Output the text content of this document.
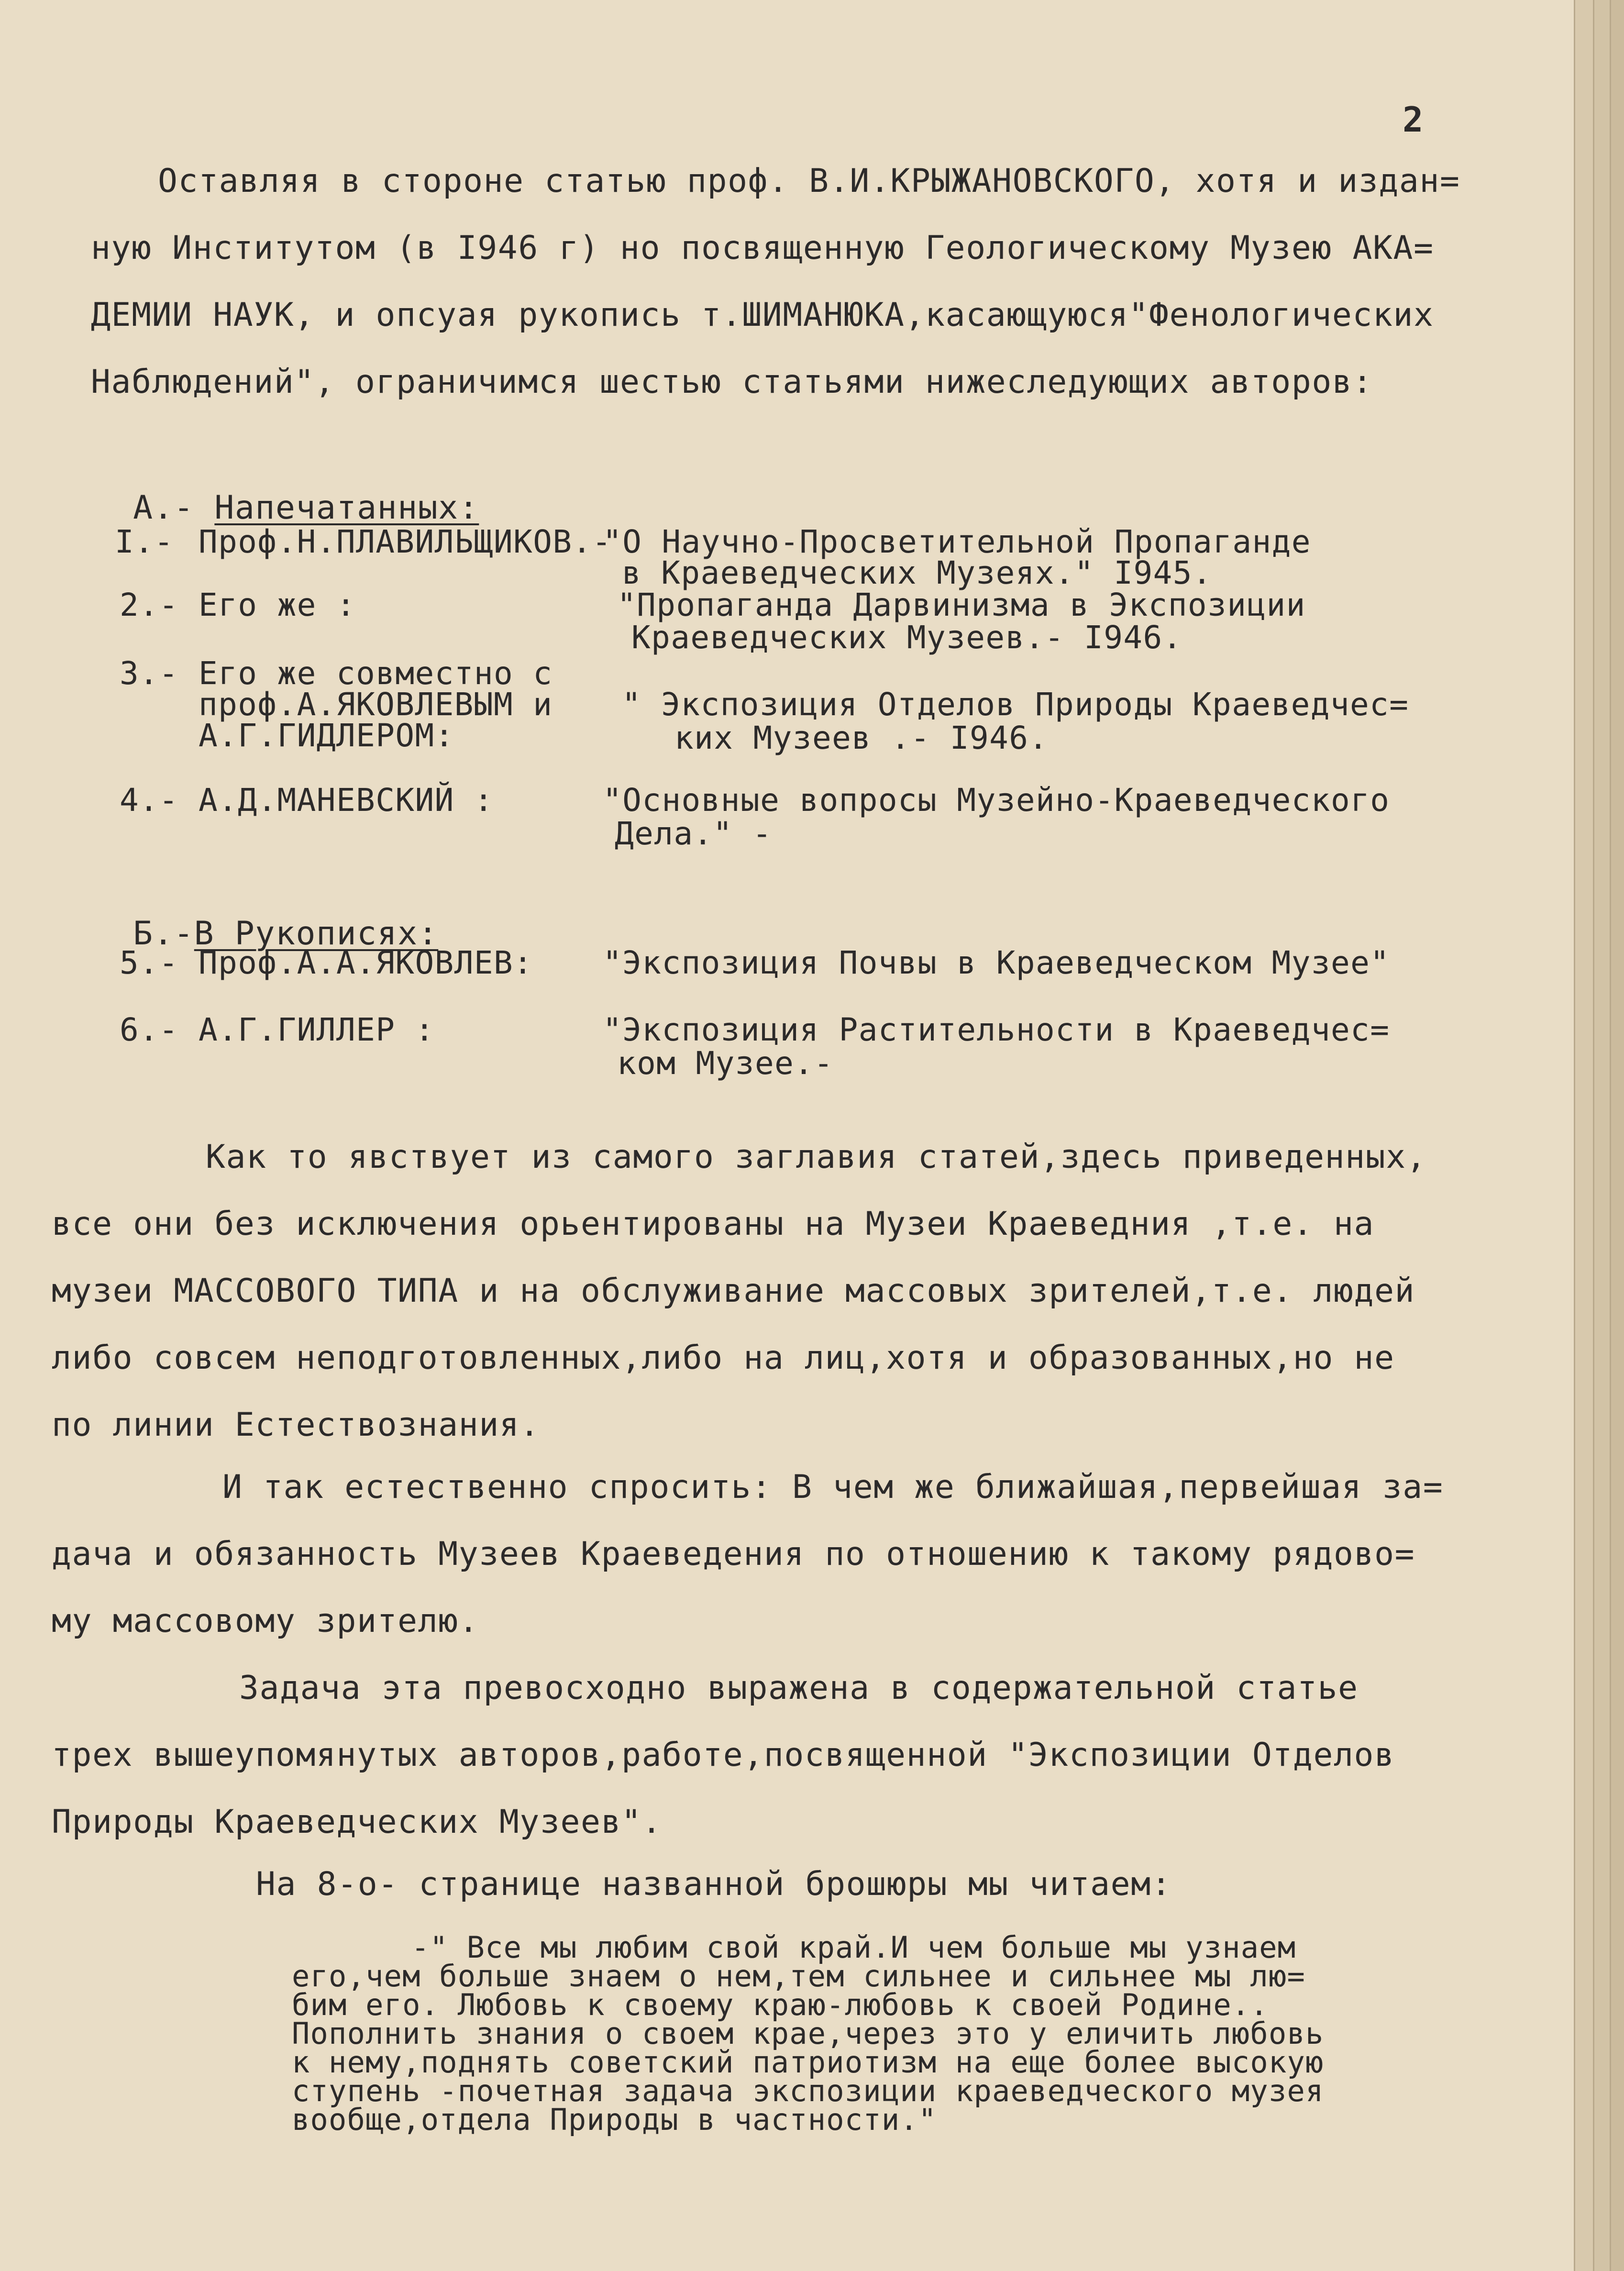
2
Оставляя в стороне статью проф. В.И.КРЫЖАНОВСКОГО, хотя и издан=
ную Институтом (в I946 г) но посвященную Геологическому Музею АКА=
ДЕМИИ НАУК, и опсуая рукопись т.ШИМАНЮКА,касающуюся"Фенологических
Наблюдений", ограничимся шестью статьями нижеследующих авторов:

А.- Напечатанных:

I.- Проф.Н.ПЛАВИЛЬЩИКОВ.-
"О Научно-Просветительной Пропаганде
в Краеведческих Музеях." I945.
2.- Его же :	"Пропаганда Дарвинизма в Экспозиции
Краеведческих Музеев.- I946.
3.- Его же совместно с
проф.А.ЯКОВЛЕВЫМ и
А.Г.ГИДЛЕРОМ:
" Экспозиция Отделов Природы Краеведчес=
ких Музеев .- I946.
4.- А.Д.МАНЕВСКИЙ :	"Основные вопросы Музейно-Краеведческого
Дела." -

Б.-В Рукописях:

5.- Проф.А.А.ЯКОВЛЕВ: "Экспозиция Почвы в Краеведческом Музее"
6.- А.Г.ГИЛЛЕР :	"Экспозиция Растительности в Краеведчес=
ком Музее.-
Как то явствует из самого заглавия статей,здесь приведенных,
все они без исключения орьентированы на Музеи Краеведния ,т.е. на
музеи МАССОВОГО ТИПА и на обслуживание массовых зрителей,т.е. людей
либо совсем неподготовленных,либо на лиц,хотя и образованных,но не
по линии Естествознания.
И так естественно спросить: В чем же ближайшая,первейшая за=
дача и обязанность Музеев Краеведения по отношению к такому рядово=
му массовому зрителю.
Задача эта превосходно выражена в содержательной статье
трех вышеупомянутых авторов,работе,посвященной "Экспозиции Отделов
Природы Краеведческих Музеев".
На 8-о- странице названной брошюры мы читаем:
-" Все мы любим свой край.И чем больше мы узнаем
его,чем больше знаем о нем,тем сильнее и сильнее мы лю=
бим его. Любовь к своему краю-любовь к своей Родине..
Пополнить знания о своем крае,через это у еличить любовь
к нему,поднять советский патриотизм на еще более высокую
ступень -почетная задача экспозиции краеведческого музея
вообще,отдела Природы в частности."
